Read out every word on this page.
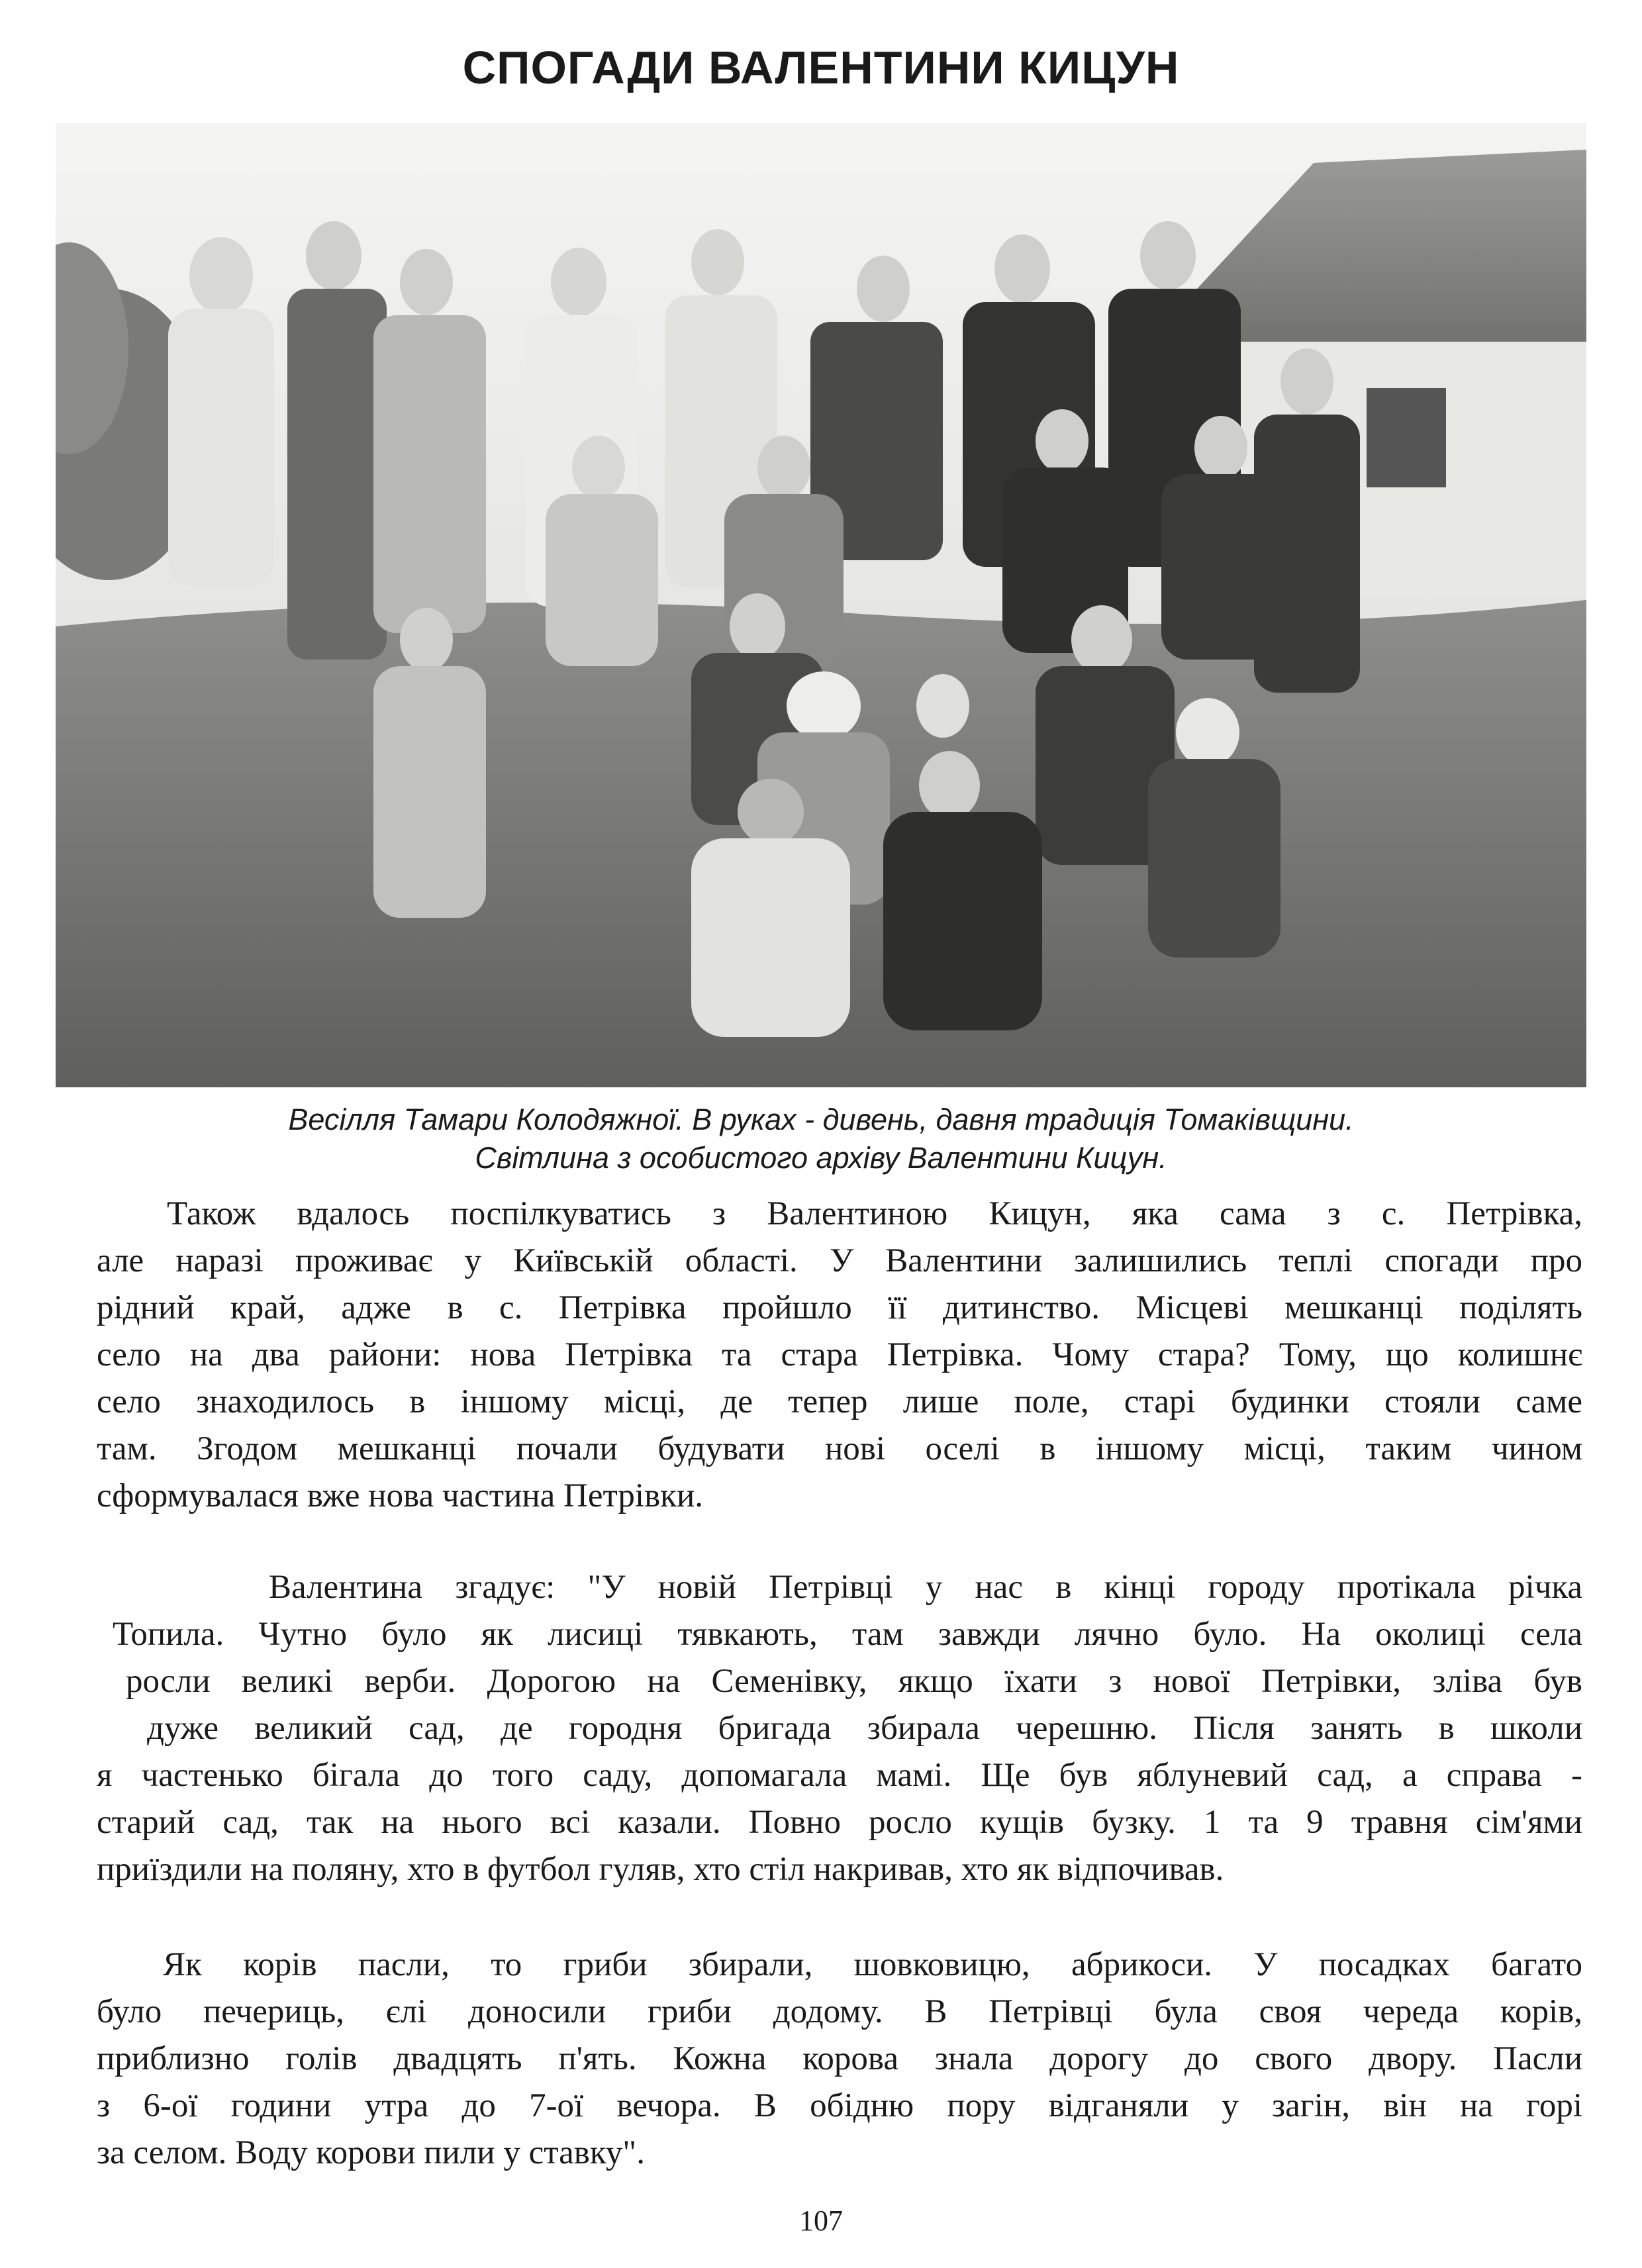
СПОГАДИ ВАЛЕНТИНИ КИЦУН
Весілля Тамари Колодяжної. В руках - дивень, давня традиція Томаківщини.
Світлина з особистого архіву Валентини Кицун.
Також вдалось поспілкуватись з Валентиною Кицун, яка сама з с. Петрівка,
але наразі проживає у Київській області. У Валентини залишились теплі спогади про
рідний край, адже в с. Петрівка пройшло її дитинство. Місцеві мешканці поділять
село на два райони: нова Петрівка та стара Петрівка. Чому стара? Тому, що колишнє
село знаходилось в іншому місці, де тепер лише поле, старі будинки стояли саме
там. Згодом мешканці почали будувати нові оселі в іншому місці, таким чином
сформувалася вже нова частина Петрівки.
Валентина згадує: "У новій Петрівці у нас в кінці городу протікала річка
Топила. Чутно було як лисиці тявкають, там завжди лячно було. На околиці села
росли великі верби. Дорогою на Семенівку, якщо їхати з нової Петрівки, зліва був
дуже великий сад, де городня бригада збирала черешню. Після занять в школи
я частенько бігала до того саду, допомагала мамі. Ще був яблуневий сад, а справа -
старий сад, так на нього всі казали. Повно росло кущів бузку. 1 та 9 травня сім'ями
приїздили на поляну, хто в футбол гуляв, хто стіл накривав, хто як відпочивав.
Як корів пасли, то гриби збирали, шовковицю, абрикоси. У посадках багато
було печериць, єлі доносили гриби додому. В Петрівці була своя череда корів,
приблизно голів двадцять п'ять. Кожна корова знала дорогу до свого двору. Пасли
з 6-ої години утра до 7-ої вечора. В обідню пору відганяли у загін, він на горі
за селом. Воду корови пили у ставку".
107
